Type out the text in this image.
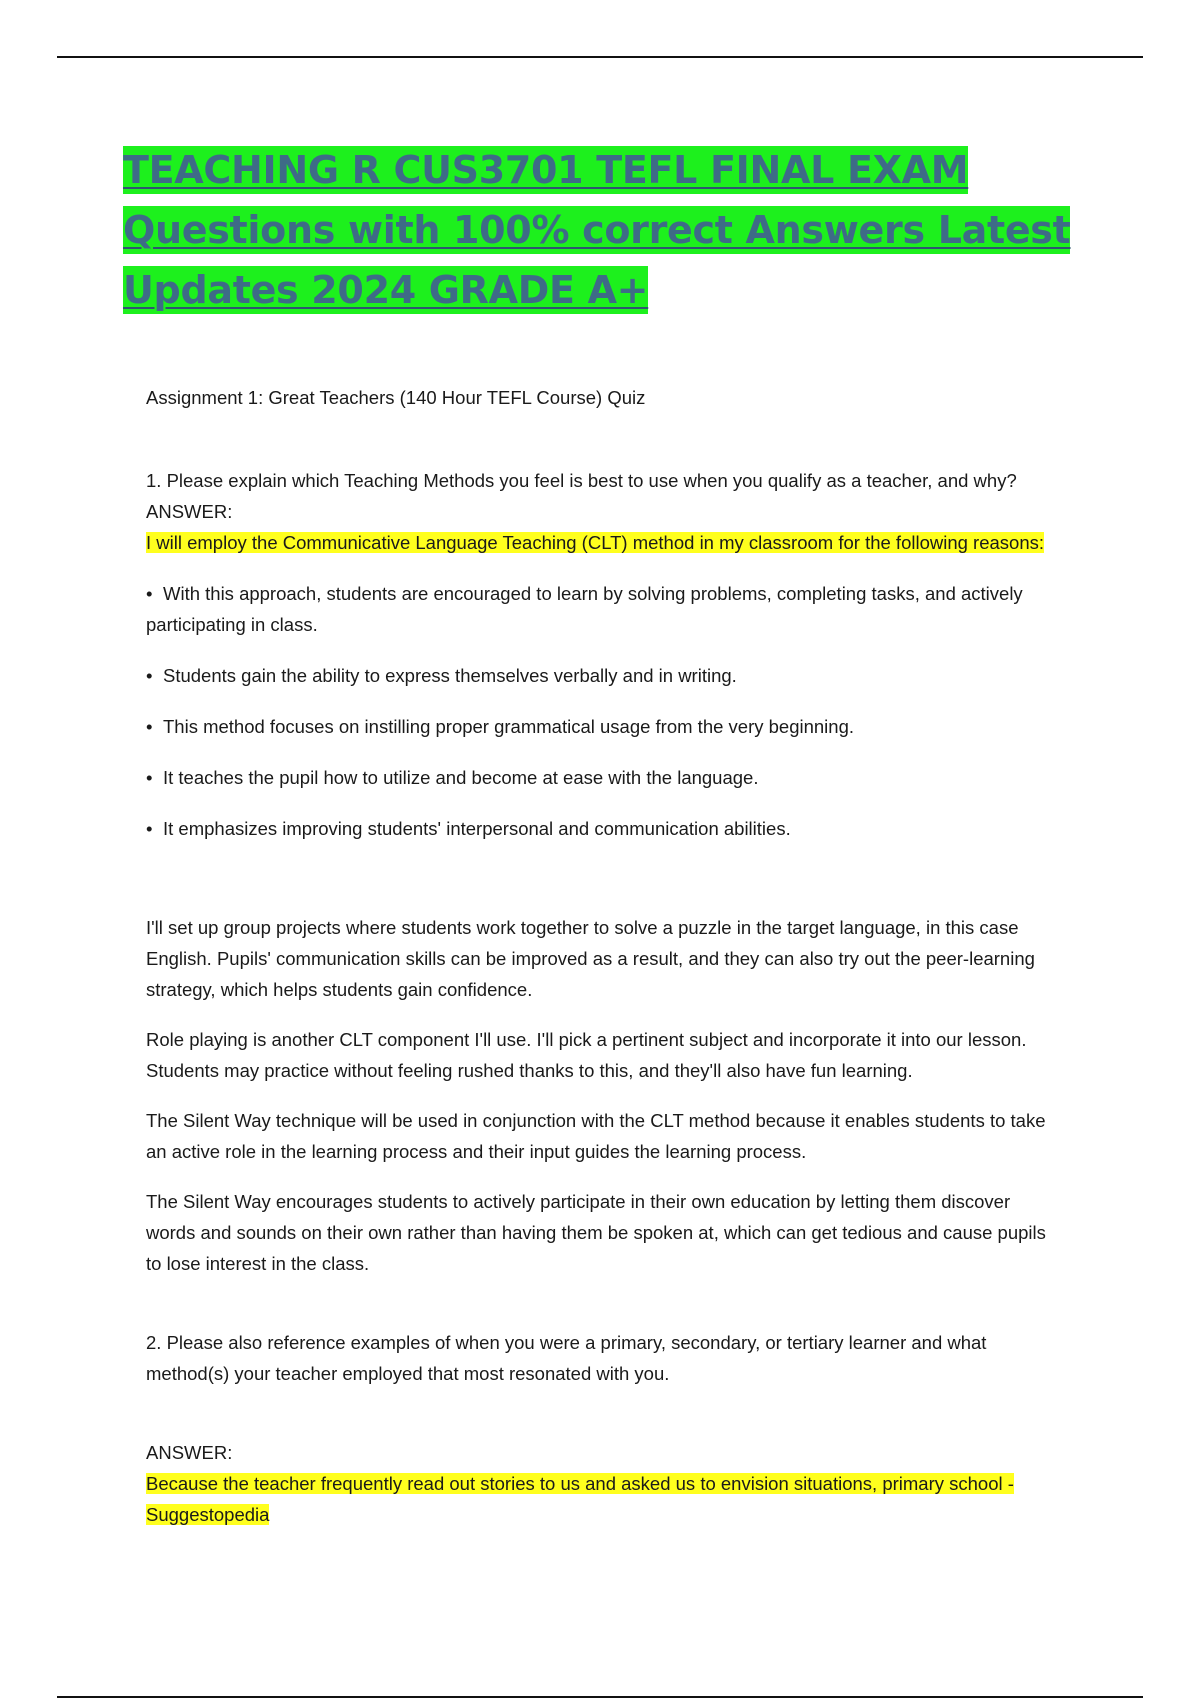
TEACHING R CUS3701 TEFL FINAL EXAM Questions with 100% correct Answers Latest Updates 2024 GRADE A+

Assignment 1: Great Teachers (140 Hour TEFL Course) Quiz

1. Please explain which Teaching Methods you feel is best to use when you qualify as a teacher, and why?

ANSWER:

I will employ the Communicative Language Teaching (CLT) method in my classroom for the following reasons:

• With this approach, students are encouraged to learn by solving problems, completing tasks, and actively participating in class.
• Students gain the ability to express themselves verbally and in writing.
• This method focuses on instilling proper grammatical usage from the very beginning.
• It teaches the pupil how to utilize and become at ease with the language.
• It emphasizes improving students' interpersonal and communication abilities.

I'll set up group projects where students work together to solve a puzzle in the target language, in this case English. Pupils' communication skills can be improved as a result, and they can also try out the peer-learning strategy, which helps students gain confidence.

Role playing is another CLT component I'll use. I'll pick a pertinent subject and incorporate it into our lesson. Students may practice without feeling rushed thanks to this, and they'll also have fun learning.

The Silent Way technique will be used in conjunction with the CLT method because it enables students to take an active role in the learning process and their input guides the learning process.

The Silent Way encourages students to actively participate in their own education by letting them discover words and sounds on their own rather than having them be spoken at, which can get tedious and cause pupils to lose interest in the class.

2. Please also reference examples of when you were a primary, secondary, or tertiary learner and what method(s) your teacher employed that most resonated with you.

ANSWER:

Because the teacher frequently read out stories to us and asked us to envision situations, primary school - Suggestopedia
